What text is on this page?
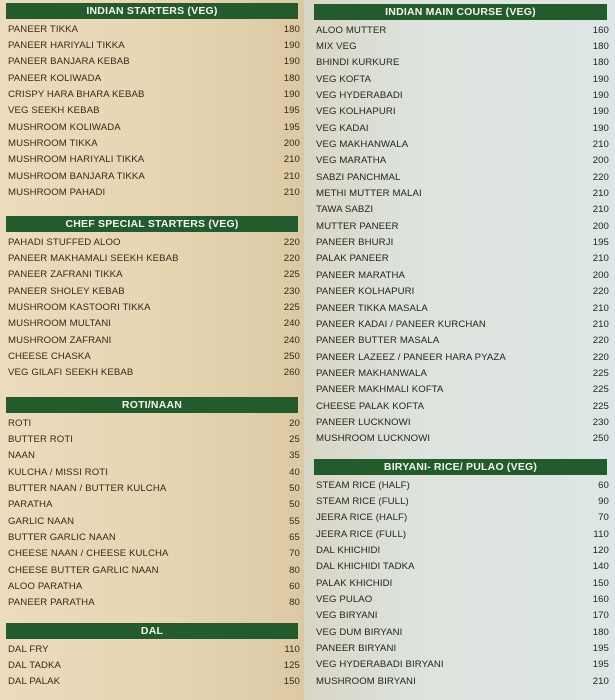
INDIAN STARTERS (VEG)
PANEER TIKKA	180
PANEER HARIYALI TIKKA	190
PANEER BANJARA KEBAB	190
PANEER KOLIWADA	180
CRISPY HARA BHARA KEBAB	190
VEG SEEKH KEBAB	195
MUSHROOM KOLIWADA	195
MUSHROOM TIKKA	200
MUSHROOM HARIYALI TIKKA	210
MUSHROOM BANJARA TIKKA	210
MUSHROOM PAHADI	210
CHEF SPECIAL STARTERS (VEG)
PAHADI STUFFED ALOO	220
PANEER MAKHAMALI SEEKH KEBAB	220
PANEER ZAFRANI TIKKA	225
PANEER SHOLEY KEBAB	230
MUSHROOM KASTOORI TIKKA	225
MUSHROOM MULTANI	240
MUSHROOM ZAFRANI	240
CHEESE CHASKA	250
VEG GILAFI SEEKH KEBAB	260
ROTI/NAAN
ROTI	20
BUTTER ROTI	25
NAAN	35
KULCHA / MISSI ROTI	40
BUTTER NAAN / BUTTER KULCHA	50
PARATHA	50
GARLIC NAAN	55
BUTTER GARLIC NAAN	65
CHEESE NAAN / CHEESE KULCHA	70
CHEESE BUTTER GARLIC NAAN	80
ALOO PARATHA	60
PANEER PARATHA	80
DAL
DAL FRY	110
DAL TADKA	125
DAL PALAK	150
INDIAN MAIN COURSE (VEG)
ALOO MUTTER	160
MIX VEG	180
BHINDI KURKURE	180
VEG KOFTA	190
VEG HYDERABADI	190
VEG KOLHAPURI	190
VEG KADAI	190
VEG MAKHANWALA	210
VEG MARATHA	200
SABZI PANCHMAL	220
METHI MUTTER MALAI	210
TAWA SABZI	210
MUTTER PANEER	200
PANEER BHURJI	195
PALAK PANEER	210
PANEER MARATHA	200
PANEER KOLHAPURI	220
PANEER TIKKA MASALA	210
PANEER KADAI / PANEER KURCHAN	210
PANEER BUTTER MASALA	220
PANEER LAZEEZ / PANEER HARA PYAZA	220
PANEER MAKHANWALA	225
PANEER MAKHMALI KOFTA	225
CHEESE PALAK KOFTA	225
PANEER LUCKNOWI	230
MUSHROOM LUCKNOWI	250
BIRYANI- RICE/ PULAO (VEG)
STEAM RICE (HALF)	60
STEAM RICE (FULL)	90
JEERA RICE (HALF)	70
JEERA RICE (FULL)	110
DAL KHICHIDI	120
DAL KHICHIDI TADKA	140
PALAK KHICHIDI	150
VEG PULAO	160
VEG BIRYANI	170
VEG DUM BIRYANI	180
PANEER BIRYANI	195
VEG HYDERABADI BIRYANI	195
MUSHROOM BIRYANI	210
